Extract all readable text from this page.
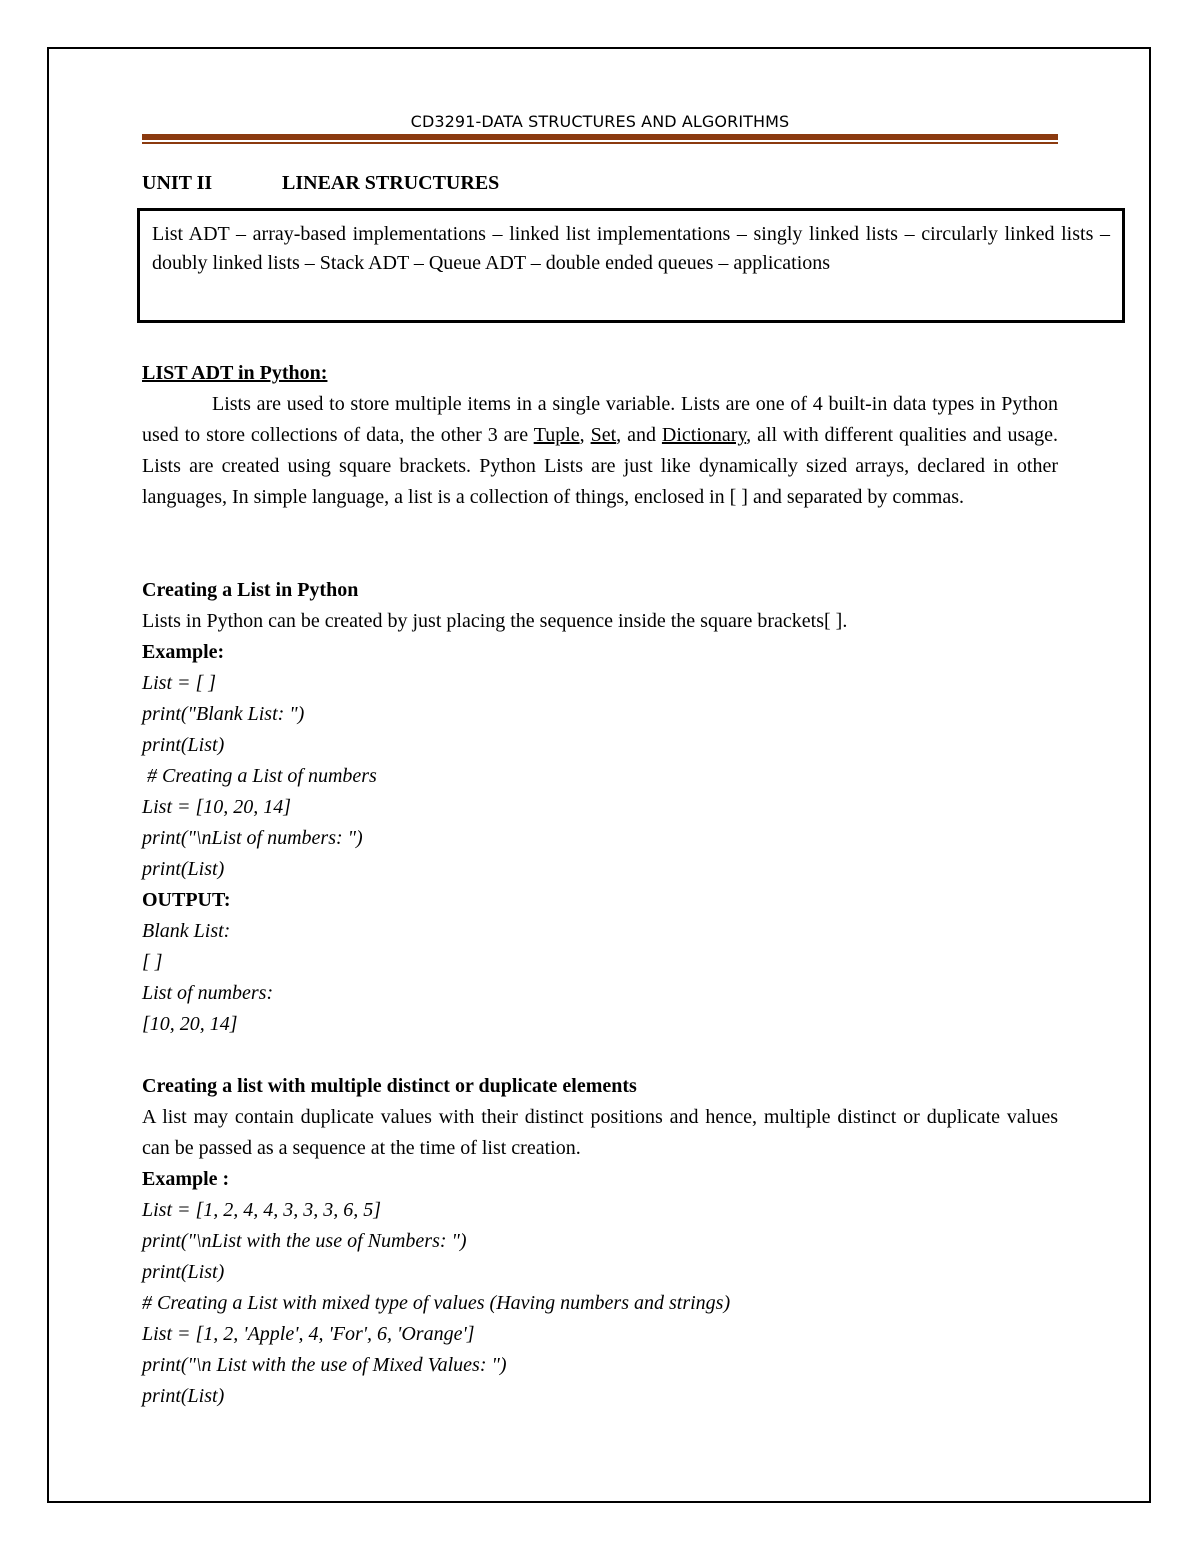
CD3291-DATA STRUCTURES AND ALGORITHMS
UNIT II	LINEAR STRUCTURES
List ADT – array-based implementations – linked list implementations – singly linked lists – circularly linked lists – doubly linked lists – Stack ADT – Queue ADT – double ended queues – applications
LIST ADT in Python:
Lists are used to store multiple items in a single variable. Lists are one of 4 built-in data types in Python used to store collections of data, the other 3 are Tuple, Set, and Dictionary, all with different qualities and usage. Lists are created using square brackets. Python Lists are just like dynamically sized arrays, declared in other languages, In simple language, a list is a collection of things, enclosed in [ ] and separated by commas.
Creating a List in Python
Lists in Python can be created by just placing the sequence inside the square brackets[ ].
Example:
List = [ ]
print("Blank List: ")
print(List)
# Creating a List of numbers
List = [10, 20, 14]
print("\nList of numbers: ")
print(List)
OUTPUT:
Blank List:
[ ]
List of numbers:
[10, 20, 14]
Creating a list with multiple distinct or duplicate elements
A list may contain duplicate values with their distinct positions and hence, multiple distinct or duplicate values can be passed as a sequence at the time of list creation.
Example :
List = [1, 2, 4, 4, 3, 3, 3, 6, 5]
print("\nList with the use of Numbers: ")
print(List)
# Creating a List with mixed type of values (Having numbers and strings)
List = [1, 2, 'Apple', 4, 'For', 6, 'Orange']
print("\n List with the use of Mixed Values: ")
print(List)
